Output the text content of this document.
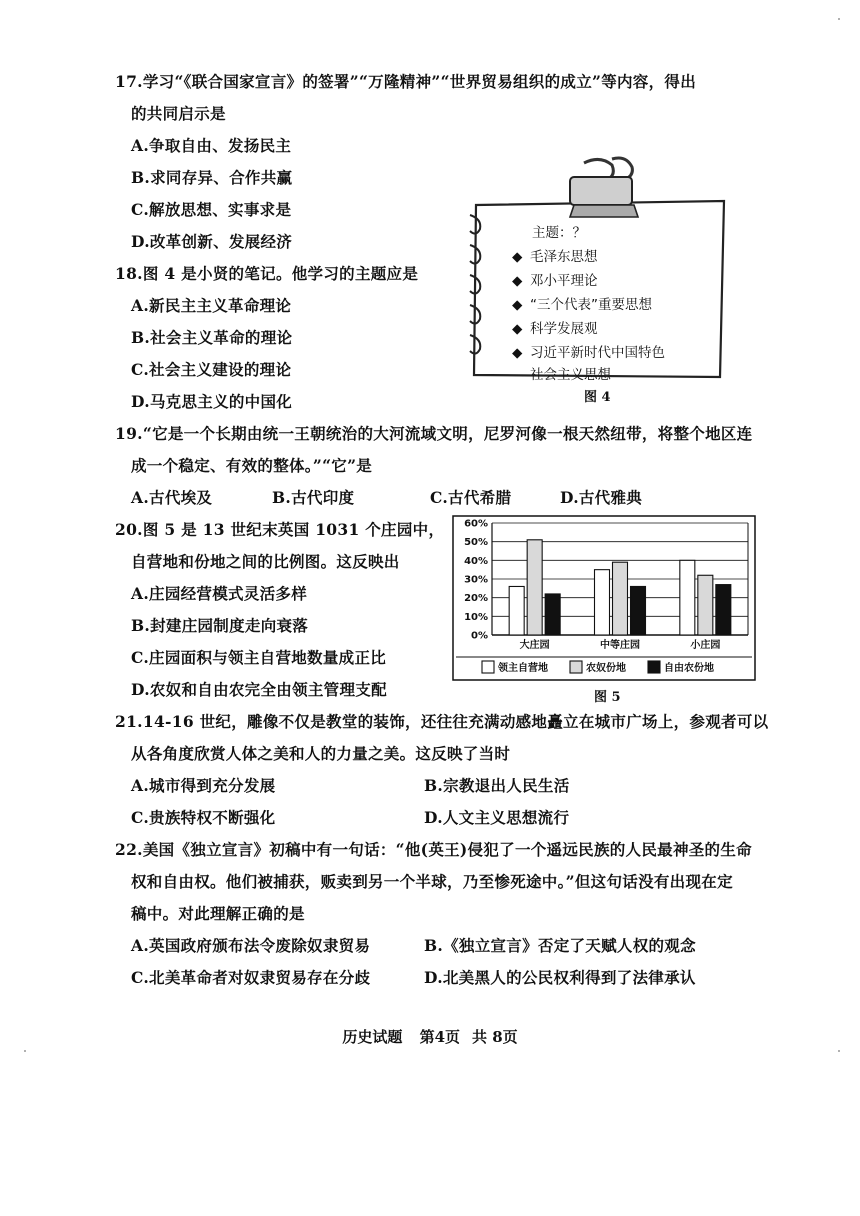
17.学习“《联合国家宣言》的签署”“万隆精神”“世界贸易组织的成立”等内容，得出
的共同启示是
A.争取自由、发扬民主
B.求同存异、合作共赢
C.解放思想、实事求是
D.改革创新、发展经济
18.图 4 是小贤的笔记。他学习的主题应是
A.新民主主义革命理论
B.社会主义革命的理论
C.社会主义建设的理论
D.马克思主义的中国化
主题：？
◆ 毛泽东思想
◆ 邓小平理论
◆ “三个代表”重要思想
◆ 科学发展观
◆ 习近平新时代中国特色
社会主义思想
图 4
19.“它是一个长期由统一王朝统治的大河流域文明，尼罗河像一根天然纽带，将整个地区连
成一个稳定、有效的整体。”“它”是
A.古代埃及	B.古代印度	C.古代希腊	D.古代雅典
20.图 5 是 13 世纪末英国 1031 个庄园中，
自营地和份地之间的比例图。这反映出
A.庄园经营模式灵活多样
B.封建庄园制度走向衰落
C.庄园面积与领主自营地数量成正比
D.农奴和自由农完全由领主管理支配
0%
10%
20%
30%
40%
50%
60%
大庄园	中等庄园	小庄园
领主自营地	农奴份地	自由农份地
图 5
21.14-16 世纪，雕像不仅是教堂的装饰，还往往充满动感地矗立在城市广场上，参观者可以
从各角度欣赏人体之美和人的力量之美。这反映了当时
A.城市得到充分发展	B.宗教退出人民生活
C.贵族特权不断强化	D.人文主义思想流行
22.美国《独立宣言》初稿中有一句话：“他(英王)侵犯了一个遥远民族的人民最神圣的生命
权和自由权。他们被捕获，贩卖到另一个半球，乃至惨死途中。”但这句话没有出现在定
稿中。对此理解正确的是
A.英国政府颁布法令废除奴隶贸易	B.《独立宣言》否定了天赋人权的观念
C.北美革命者对奴隶贸易存在分歧	D.北美黑人的公民权利得到了法律承认
历史试题 第4页 共 8页
